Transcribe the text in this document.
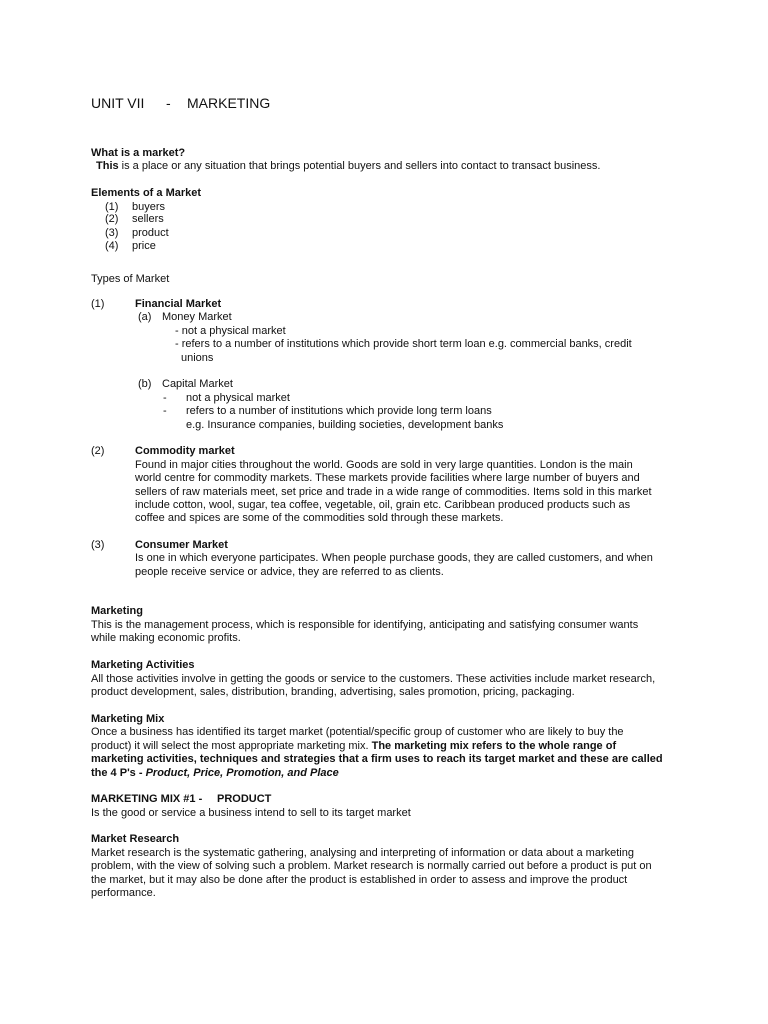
UNIT VII - MARKETING
What is a market?
This is a place or any situation that brings potential buyers and sellers into contact to transact business.
Elements of a Market
(1) buyers
(2) sellers
(3) product
(4) price
Types of Market
(1)	Financial Market
(a) Money Market
- not a physical market
- refers to a number of institutions which provide short term loan e.g. commercial banks, credit
unions
(b) Capital Market
- not a physical market
- refers to a number of institutions which provide long term loans
e.g. Insurance companies, building societies, development banks
(2)	Commodity market
Found in major cities throughout the world. Goods are sold in very large quantities. London is the main
world centre for commodity markets. These markets provide facilities where large number of buyers and
sellers of raw materials meet, set price and trade in a wide range of commodities. Items sold in this market
include cotton, wool, sugar, tea coffee, vegetable, oil, grain etc. Caribbean produced products such as
coffee and spices are some of the commodities sold through these markets.
(3)	Consumer Market
Is one in which everyone participates. When people purchase goods, they are called customers, and when
people receive service or advice, they are referred to as clients.
Marketing
This is the management process, which is responsible for identifying, anticipating and satisfying consumer wants
while making economic profits.
Marketing Activities
All those activities involve in getting the goods or service to the customers. These activities include market research,
product development, sales, distribution, branding, advertising, sales promotion, pricing, packaging.
Marketing Mix
Once a business has identified its target market (potential/specific group of customer who are likely to buy the
product) it will select the most appropriate marketing mix. The marketing mix refers to the whole range of
marketing activities, techniques and strategies that a firm uses to reach its target market and these are called
the 4 P's - Product, Price, Promotion, and Place
MARKETING MIX #1 - PRODUCT
Is the good or service a business intend to sell to its target market
Market Research
Market research is the systematic gathering, analysing and interpreting of information or data about a marketing
problem, with the view of solving such a problem. Market research is normally carried out before a product is put on
the market, but it may also be done after the product is established in order to assess and improve the product
performance.
